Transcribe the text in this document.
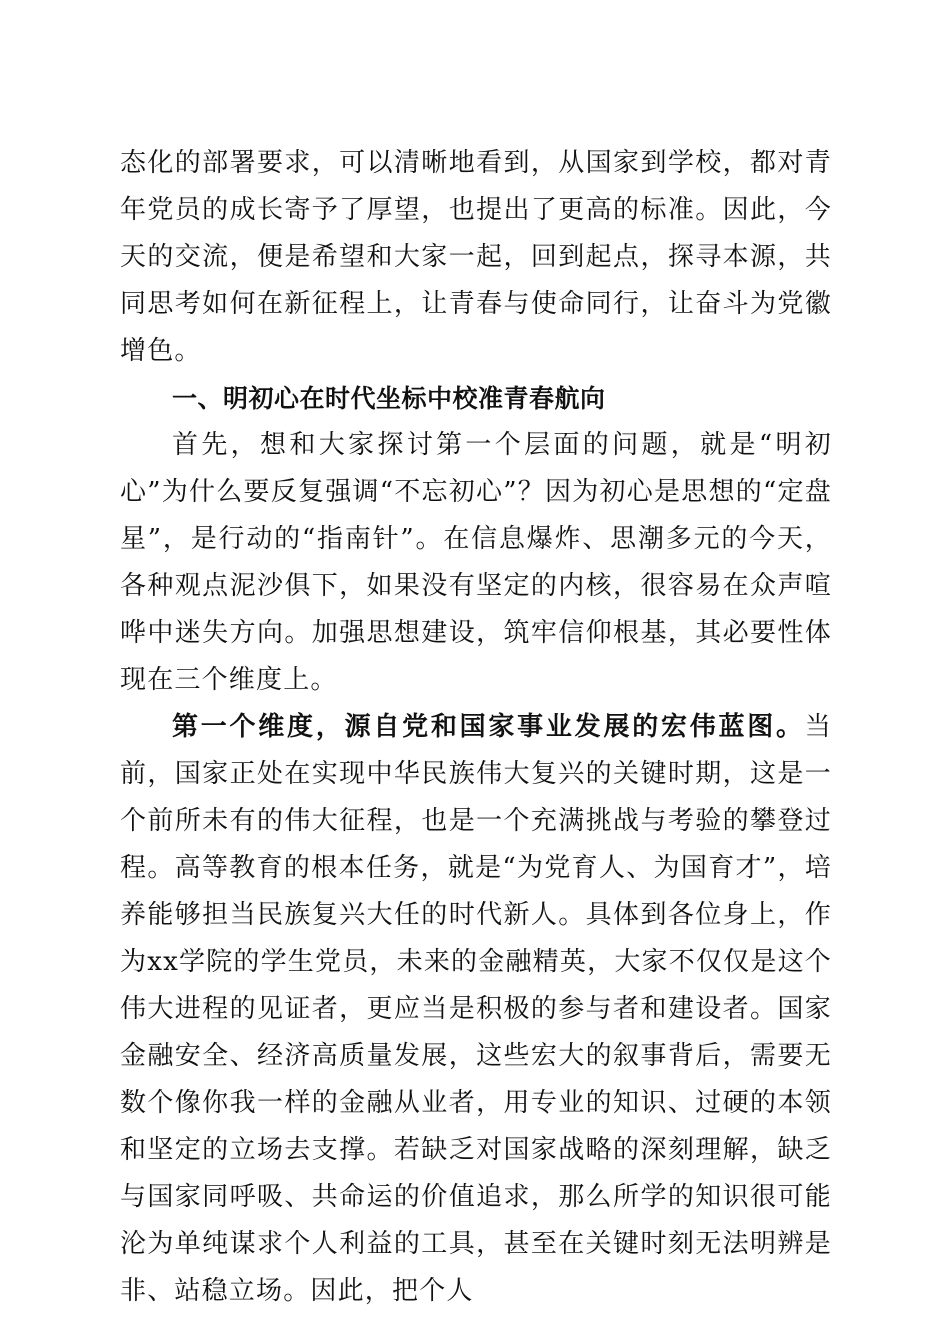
态化的部署要求，可以清晰地看到，从国家到学校，都对青年党员的成长寄予了厚望，也提出了更高的标准。因此，今天的交流，便是希望和大家一起，回到起点，探寻本源，共同思考如何在新征程上，让青春与使命同行，让奋斗为党徽增色。

一、明初心在时代坐标中校准青春航向

首先，想和大家探讨第一个层面的问题，就是“明初心”为什么要反复强调“不忘初心”？因为初心是思想的“定盘星”，是行动的“指南针”。在信息爆炸、思潮多元的今天，各种观点泥沙俱下，如果没有坚定的内核，很容易在众声喧哗中迷失方向。加强思想建设，筑牢信仰根基，其必要性体现在三个维度上。

第一个维度，源自党和国家事业发展的宏伟蓝图。当前，国家正处在实现中华民族伟大复兴的关键时期，这是一个前所未有的伟大征程，也是一个充满挑战与考验的攀登过程。高等教育的根本任务，就是“为党育人、为国育才”，培养能够担当民族复兴大任的时代新人。具体到各位身上，作为xx学院的学生党员，未来的金融精英，大家不仅仅是这个伟大进程的见证者，更应当是积极的参与者和建设者。国家金融安全、经济高质量发展，这些宏大的叙事背后，需要无数个像你我一样的金融从业者，用专业的知识、过硬的本领和坚定的立场去支撑。若缺乏对国家战略的深刻理解，缺乏与国家同呼吸、共命运的价值追求，那么所学的知识很可能沦为单纯谋求个人利益的工具，甚至在关键时刻无法明辨是非、站稳立场。因此，把个人
